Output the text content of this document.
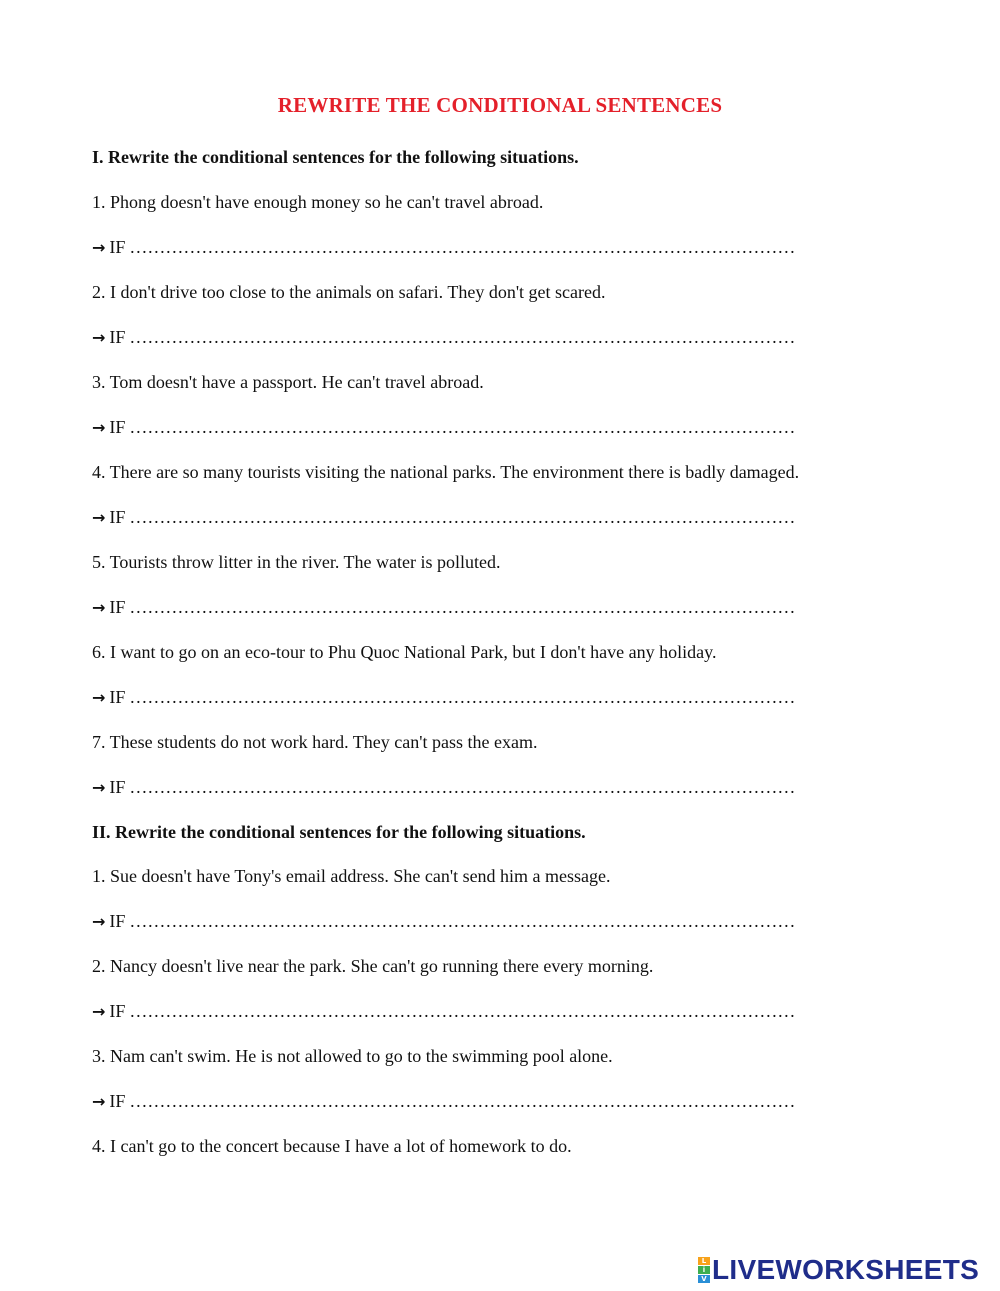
REWRITE THE CONDITIONAL SENTENCES
I. Rewrite the conditional sentences for the following situations.
1. Phong doesn't have enough money so he can't travel abroad.
→ IF …………………………………………………………………………………………………
2. I don't drive too close to the animals on safari. They don't get scared.
→ IF …………………………………………………………………………………………………
3. Tom doesn't have a passport. He can't travel abroad.
→ IF …………………………………………………………………………………………………
4. There are so many tourists visiting the national parks. The environment there is badly damaged.
→ IF …………………………………………………………………………………………………
5. Tourists throw litter in the river. The water is polluted.
→ IF …………………………………………………………………………………………………
6. I want to go on an eco-tour to Phu Quoc National Park, but I don't have any holiday.
→ IF …………………………………………………………………………………………………
7. These students do not work hard. They can't pass the exam.
→ IF …………………………………………………………………………………………………
II. Rewrite the conditional sentences for the following situations.
1. Sue doesn't have Tony's email address. She can't send him a message.
→ IF …………………………………………………………………………………………………
2. Nancy doesn't live near the park. She can't go running there every morning.
→ IF …………………………………………………………………………………………………
3. Nam can't swim. He is not allowed to go to the swimming pool alone.
→ IF …………………………………………………………………………………………………
4. I can't go to the concert because I have a lot of homework to do.
L
i
V LIVEWORKSHEETS
